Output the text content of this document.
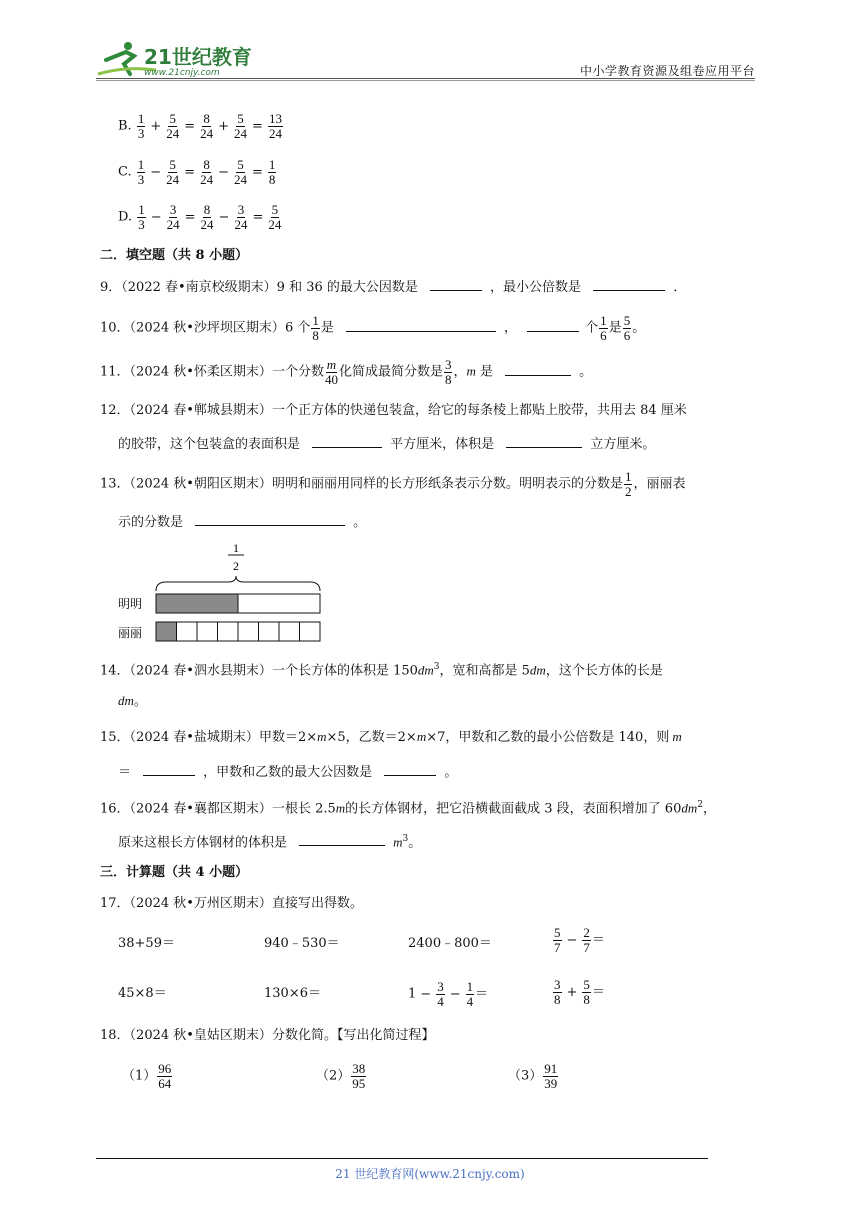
21世纪教育
www.21cnjy.com	中小学教育资源及组卷应用平台
B. $\frac{1}{3} + \frac{5}{24} = \frac{8}{24} + \frac{5}{24} = \frac{13}{24}$
C. $\frac{1}{3} - \frac{5}{24} = \frac{8}{24} - \frac{5}{24} = \frac{1}{8}$
D. $\frac{1}{3} - \frac{3}{24} = \frac{8}{24} - \frac{3}{24} = \frac{5}{24}$
二．填空题（共 8 小题）
9．（2022 春•南京校级期末）9 和 36 的最大公因数是	，最小公倍数是	．
10．（2024 秋•沙坪坝区期末）6 个 $\frac{1}{8}$ 是	，	个 $\frac{1}{6}$ 是 $\frac{5}{6}$ 。
11．（2024 秋•怀柔区期末）一个分数 $\frac{m}{40}$ 化简成最简分数是 $\frac{3}{8}$ ，m 是	。
12．（2024 春•郸城县期末）一个正方体的快递包装盒，给它的每条棱上都贴上胶带，共用去 84 厘米
的胶带，这个包装盒的表面积是	平方厘米，体积是	立方厘米。
13．（2024 秋•朝阳区期末）明明和丽丽用同样的长方形纸条表示分数。明明表示的分数是 $\frac{1}{2}$ ，丽丽表
示的分数是	。
1
2
明明
丽丽
14．（2024 春•泗水县期末）一个长方体的体积是 $150dm^3$，宽和高都是 5dm，这个长方体的长是
dm。
15．（2024 春•盐城期末）甲数＝2×m×5，乙数＝2×m×7，甲数和乙数的最小公倍数是 140，则 m
＝	，甲数和乙数的最大公因数是	。
16．（2024 春•襄都区期末）一根长 2.5m的长方体钢材，把它沿横截面截成 3 段，表面积增加了 $60dm^2$，
原来这根长方体钢材的体积是	$m^3$。
三．计算题（共 4 小题）
17．（2024 秋•万州区期末）直接写出得数。
38+59＝	940﹣530＝	2400﹣800＝	$\frac{5}{7} - \frac{2}{7}$ ＝
45×8＝	130×6＝	$1 - \frac{3}{4} - \frac{1}{4}$ ＝	$\frac{3}{8} + \frac{5}{8}$ ＝
18．（2024 秋•皇姑区期末）分数化简。【写出化简过程】
$(1) \frac{96}{64}$	$(2) \frac{38}{95}$	$(3) \frac{91}{39}$
21 世纪教育网(www.21cnjy.com)
